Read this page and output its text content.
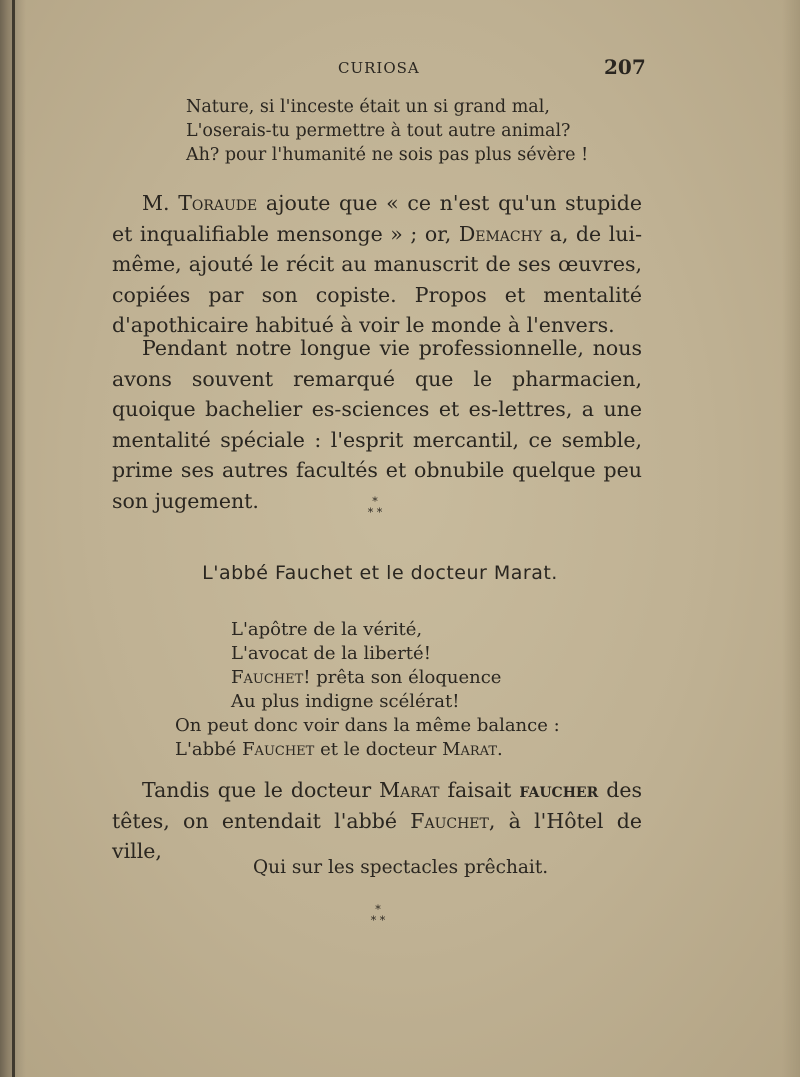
CURIOSA	207
Nature, si l'inceste était un si grand mal,
L'oserais-tu permettre à tout autre animal?
Ah? pour l'humanité ne sois pas plus sévère !

M. Toraude ajoute que « ce n'est qu'un stupide et inqualifiable mensonge » ; or, Demachy a, de lui-même, ajouté le récit au manuscrit de ses œuvres, copiées par son copiste. Propos et mentalité d'apothicaire habitué à voir le monde à l'envers.

Pendant notre longue vie professionnelle, nous avons souvent remarqué que le pharmacien, quoique bachelier es-sciences et es-lettres, a une mentalité spéciale : l'esprit mercantil, ce semble, prime ses autres facultés et obnubile quelque peu son jugement.	*
* *
L'abbé Fauchet et le docteur Marat.
L'apôtre de la vérité,
L'avocat de la liberté!
Fauchet! prêta son éloquence
Au plus indigne scélérat!
On peut donc voir dans la même balance :
L'abbé Fauchet et le docteur Marat.

Tandis que le docteur Marat faisait faucher des têtes, on entendait l'abbé Fauchet, à l'Hôtel de ville,

Qui sur les spectacles prêchait.
*
* *
